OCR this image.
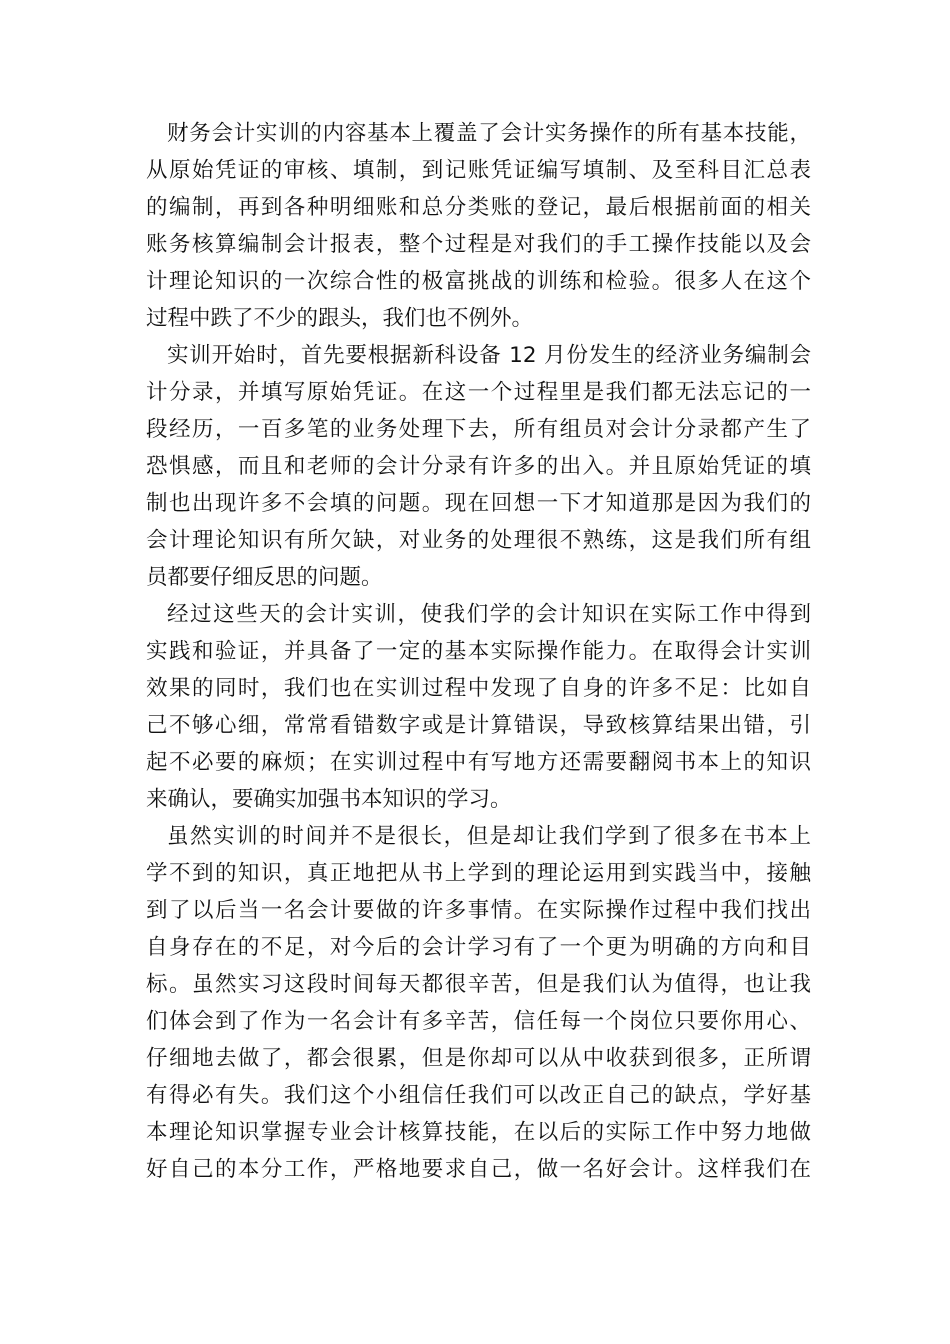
财务会计实训的内容基本上覆盖了会计实务操作的所有基本技能，
从原始凭证的审核、填制，到记账凭证编写填制、及至科目汇总表
的编制，再到各种明细账和总分类账的登记，最后根据前面的相关
账务核算编制会计报表，整个过程是对我们的手工操作技能以及会
计理论知识的一次综合性的极富挑战的训练和检验。很多人在这个
过程中跌了不少的跟头，我们也不例外。
实训开始时，首先要根据新科设备 12 月份发生的经济业务编制会
计分录，并填写原始凭证。在这一个过程里是我们都无法忘记的一
段经历，一百多笔的业务处理下去，所有组员对会计分录都产生了
恐惧感，而且和老师的会计分录有许多的出入。并且原始凭证的填
制也出现许多不会填的问题。现在回想一下才知道那是因为我们的
会计理论知识有所欠缺，对业务的处理很不熟练，这是我们所有组
员都要仔细反思的问题。
经过这些天的会计实训，使我们学的会计知识在实际工作中得到
实践和验证，并具备了一定的基本实际操作能力。在取得会计实训
效果的同时，我们也在实训过程中发现了自身的许多不足：比如自
己不够心细，常常看错数字或是计算错误，导致核算结果出错，引
起不必要的麻烦；在实训过程中有写地方还需要翻阅书本上的知识
来确认，要确实加强书本知识的学习。
虽然实训的时间并不是很长，但是却让我们学到了很多在书本上
学不到的知识，真正地把从书上学到的理论运用到实践当中，接触
到了以后当一名会计要做的许多事情。在实际操作过程中我们找出
自身存在的不足，对今后的会计学习有了一个更为明确的方向和目
标。虽然实习这段时间每天都很辛苦，但是我们认为值得，也让我
们体会到了作为一名会计有多辛苦，信任每一个岗位只要你用心、
仔细地去做了，都会很累，但是你却可以从中收获到很多，正所谓
有得必有失。我们这个小组信任我们可以改正自己的缺点，学好基
本理论知识掌握专业会计核算技能，在以后的实际工作中努力地做
好自己的本分工作，严格地要求自己，做一名好会计。这样我们在
